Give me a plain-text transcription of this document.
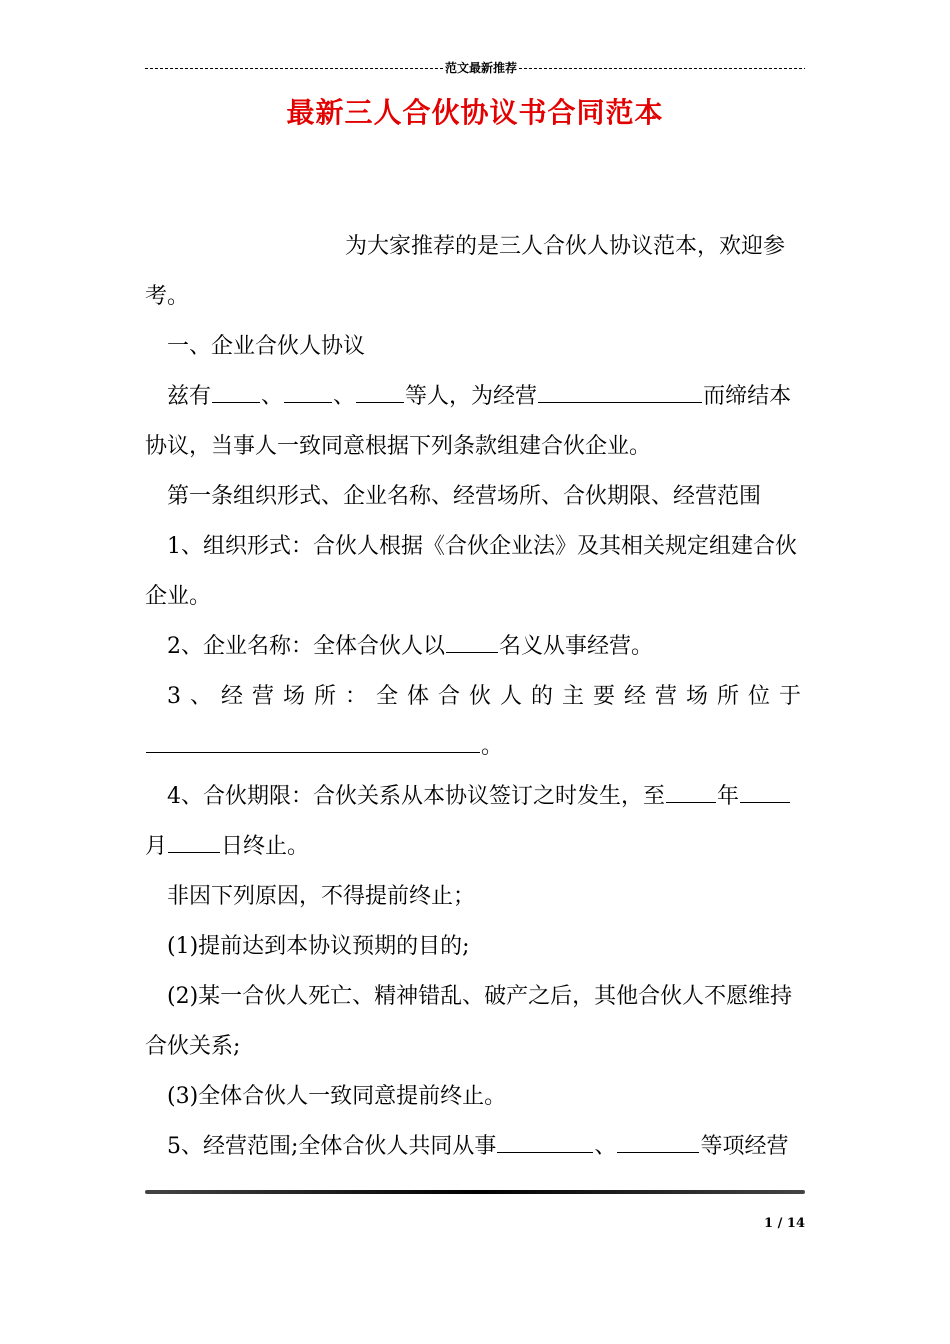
范文最新推荐
最新三人合伙协议书合同范本
为大家推荐的是三人合伙人协议范本，欢迎参
考。
一、企业合伙人协议
兹有 、 、 等人，为经营	而缔结本
协议，当事人一致同意根据下列条款组建合伙企业。
第一条组织形式、企业名称、经营场所、合伙期限、经营范围
1、组织形式：合伙人根据《合伙企业法》及其相关规定组建合伙
企业。
2、企业名称：全体合伙人以 名义从事经营。
3、经营场所：全体合伙人的主要经营场所位于
。
4、合伙期限：合伙关系从本协议签订之时发生，至 年
月 日终止。
非因下列原因，不得提前终止；
(1)提前达到本协议预期的目的;
(2)某一合伙人死亡、精神错乱、破产之后，其他合伙人不愿维持
合伙关系;
(3)全体合伙人一致同意提前终止。
5、经营范围;全体合伙人共同从事	、	等项经营
1 / 14
